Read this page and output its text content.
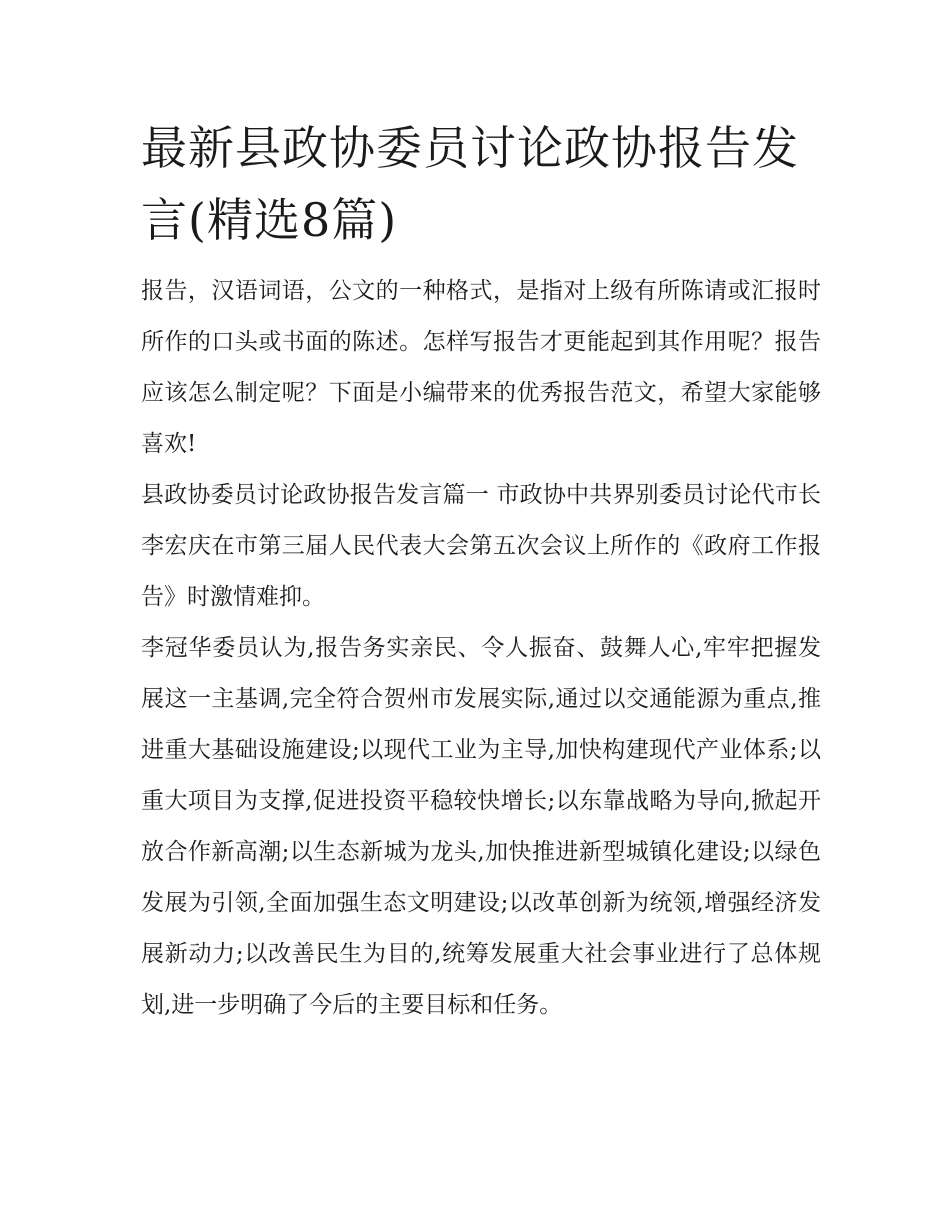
最新县政协委员讨论政协报告发言(精选8篇)

报告，汉语词语，公文的一种格式，是指对上级有所陈请或汇报时所作的口头或书面的陈述。怎样写报告才更能起到其作用呢？报告应该怎么制定呢？下面是小编带来的优秀报告范文，希望大家能够喜欢!

县政协委员讨论政协报告发言篇一 市政协中共界别委员讨论代市长李宏庆在市第三届人民代表大会第五次会议上所作的《政府工作报告》时激情难抑。

李冠华委员认为,报告务实亲民、令人振奋、鼓舞人心,牢牢把握发展这一主基调,完全符合贺州市发展实际,通过以交通能源为重点,推进重大基础设施建设;以现代工业为主导,加快构建现代产业体系;以重大项目为支撑,促进投资平稳较快增长;以东靠战略为导向,掀起开放合作新高潮;以生态新城为龙头,加快推进新型城镇化建设;以绿色发展为引领,全面加强生态文明建设;以改革创新为统领,增强经济发展新动力;以改善民生为目的,统筹发展重大社会事业进行了总体规划,进一步明确了今后的主要目标和任务。
